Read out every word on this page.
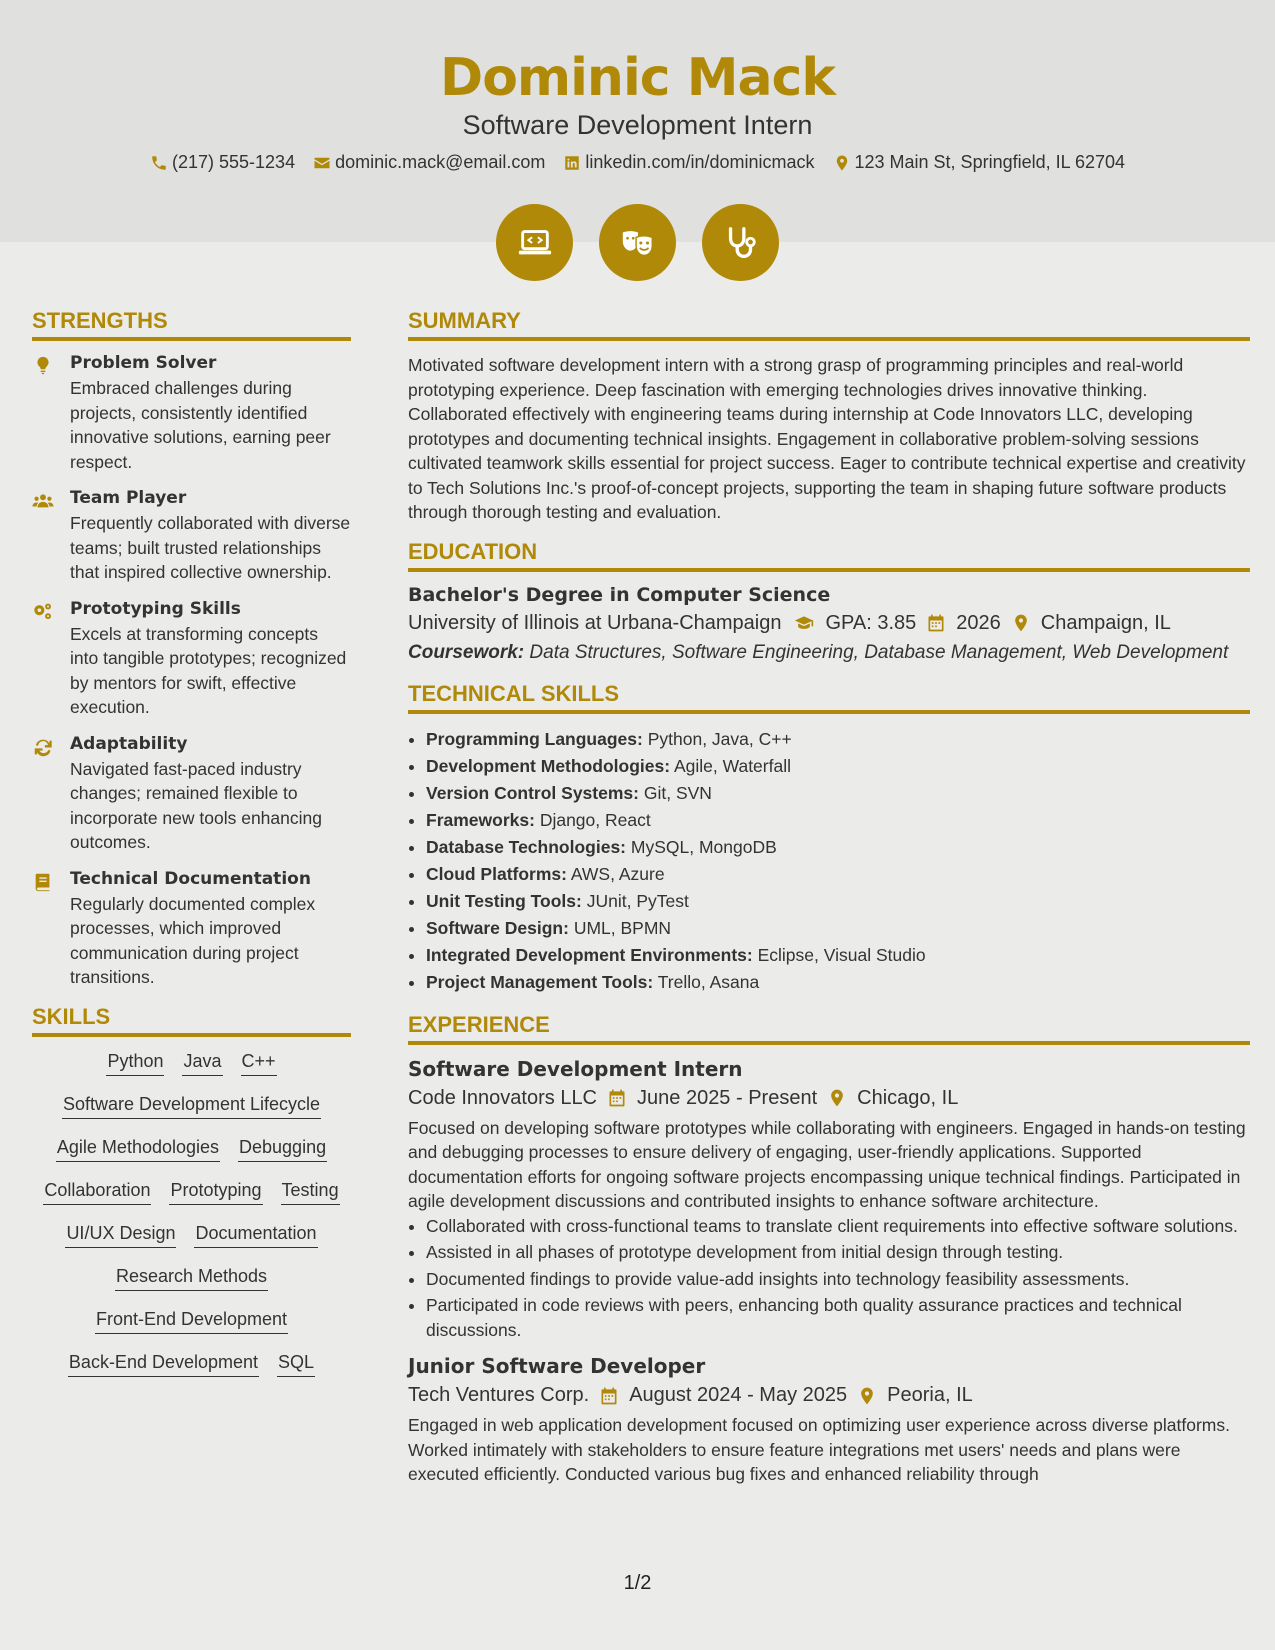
Dominic Mack
Software Development Intern
(217) 555-1234 dominic.mack@email.com linkedin.com/in/dominicmack 123 Main St, Springfield, IL 62704
STRENGTHS
Problem Solver
Embraced challenges during projects, consistently identified innovative solutions, earning peer respect.
Team Player
Frequently collaborated with diverse teams; built trusted relationships that inspired collective ownership.
Prototyping Skills
Excels at transforming concepts into tangible prototypes; recognized by mentors for swift, effective execution.
Adaptability
Navigated fast-paced industry changes; remained flexible to incorporate new tools enhancing outcomes.
Technical Documentation
Regularly documented complex processes, which improved communication during project transitions.
SKILLS
Python Java C++
Software Development Lifecycle
Agile Methodologies Debugging
Collaboration Prototyping Testing
UI/UX Design Documentation
Research Methods
Front-End Development
Back-End Development SQL
SUMMARY
Motivated software development intern with a strong grasp of programming principles and real-world prototyping experience. Deep fascination with emerging technologies drives innovative thinking. Collaborated effectively with engineering teams during internship at Code Innovators LLC, developing prototypes and documenting technical insights. Engagement in collaborative problem-solving sessions cultivated teamwork skills essential for project success. Eager to contribute technical expertise and creativity to Tech Solutions Inc.'s proof-of-concept projects, supporting the team in shaping future software products through thorough testing and evaluation.
EDUCATION
Bachelor's Degree in Computer Science
University of Illinois at Urbana-Champaign GPA: 3.85 2026 Champaign, IL
Coursework: Data Structures, Software Engineering, Database Management, Web Development
TECHNICAL SKILLS
• Programming Languages: Python, Java, C++
• Development Methodologies: Agile, Waterfall
• Version Control Systems: Git, SVN
• Frameworks: Django, React
• Database Technologies: MySQL, MongoDB
• Cloud Platforms: AWS, Azure
• Unit Testing Tools: JUnit, PyTest
• Software Design: UML, BPMN
• Integrated Development Environments: Eclipse, Visual Studio
• Project Management Tools: Trello, Asana
EXPERIENCE
Software Development Intern
Code Innovators LLC June 2025 - Present Chicago, IL
Focused on developing software prototypes while collaborating with engineers. Engaged in hands-on testing and debugging processes to ensure delivery of engaging, user-friendly applications. Supported documentation efforts for ongoing software projects encompassing unique technical findings. Participated in agile development discussions and contributed insights to enhance software architecture.
• Collaborated with cross-functional teams to translate client requirements into effective software solutions.
• Assisted in all phases of prototype development from initial design through testing.
• Documented findings to provide value-add insights into technology feasibility assessments.
• Participated in code reviews with peers, enhancing both quality assurance practices and technical discussions.
Junior Software Developer
Tech Ventures Corp. August 2024 - May 2025 Peoria, IL
Engaged in web application development focused on optimizing user experience across diverse platforms. Worked intimately with stakeholders to ensure feature integrations met users' needs and plans were executed efficiently. Conducted various bug fixes and enhanced reliability through
1/2
